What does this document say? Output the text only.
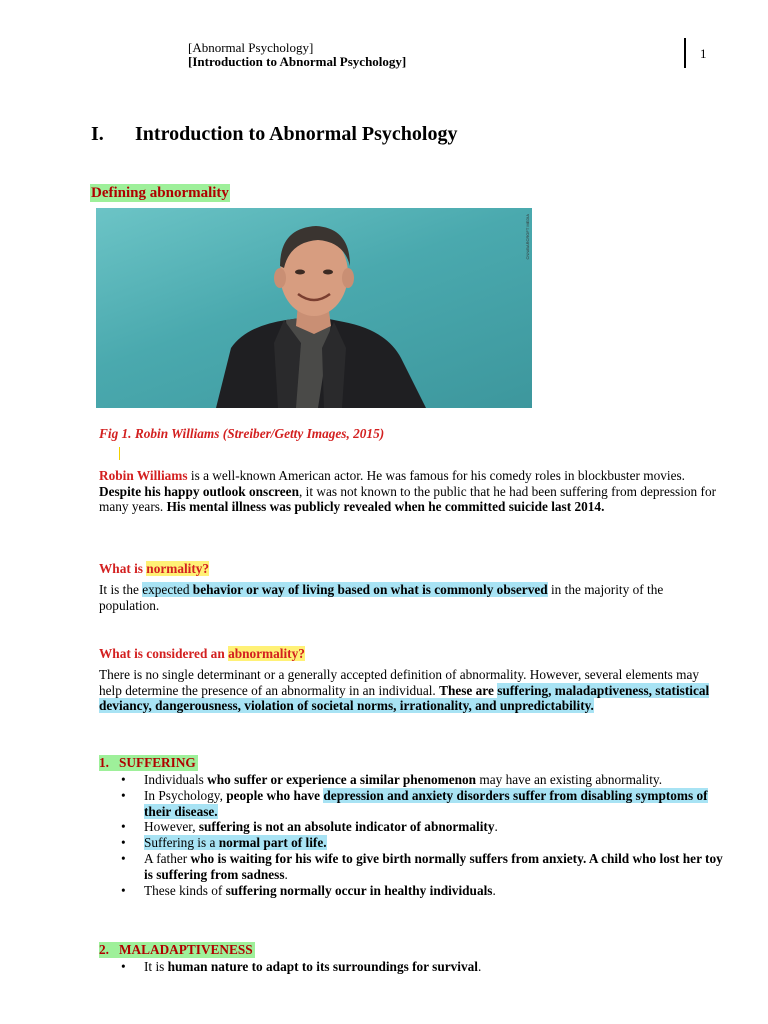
[Abnormal Psychology]
[Introduction to Abnormal Psychology]
1
I. Introduction to Abnormal Psychology
Defining abnormality
CNN/BARCROFT MEDIA
Fig 1. Robin Williams (Streiber/Getty Images, 2015)

Robin Williams is a well-known American actor. He was famous for his comedy roles in blockbuster movies. Despite his happy outlook onscreen, it was not known to the public that he had been suffering from depression for many years. His mental illness was publicly revealed when he committed suicide last 2014.

What is normality?

It is the expected behavior or way of living based on what is commonly observed in the majority of the population.

What is considered an abnormality?

There is no single determinant or a generally accepted definition of abnormality. However, several elements may help determine the presence of an abnormality in an individual. These are suffering, maladaptiveness, statistical deviancy, dangerousness, violation of societal norms, irrationality, and unpredictability.

1.   SUFFERING
• Individuals who suffer or experience a similar phenomenon may have an existing abnormality.
• In Psychology, people who have depression and anxiety disorders suffer from disabling symptoms of their disease.
• However, suffering is not an absolute indicator of abnormality.
• Suffering is a normal part of life.
• A father who is waiting for his wife to give birth normally suffers from anxiety. A child who lost her toy is suffering from sadness.
• These kinds of suffering normally occur in healthy individuals.
2.   MALADAPTIVENESS
• It is human nature to adapt to its surroundings for survival.
